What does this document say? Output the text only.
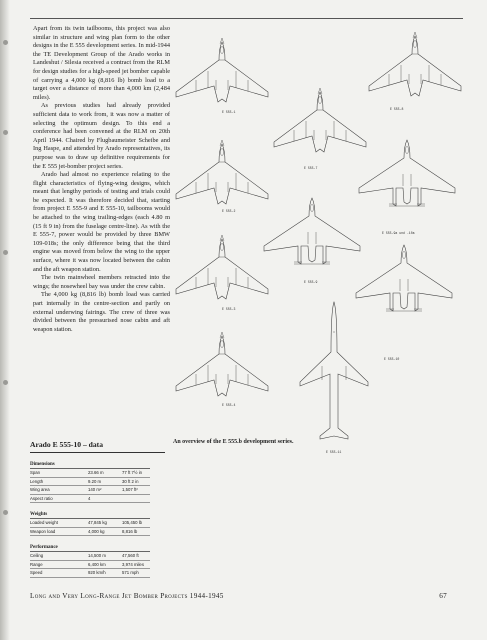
Apart from its twin tailbooms, this project was also similar in structure and wing plan form to the other designs in the E 555 development series. In mid-1944 the TE Development Group of the Arado works in Landeshut / Silesia received a contract from the RLM for design studies for a high-speed jet bomber capable of carrying a 4,000 kg (8,816 lb) bomb load to a target over a distance of more than 4,000 km (2,484 miles).

As previous studies had already provided sufficient data to work from, it was now a matter of selecting the optimum design. To this end a conference had been convened at the RLM on 20th April 1944. Chaired by Flugbaumeister Scheibe and Ing Haspe, and attended by Arado representatives, its purpose was to draw up definitive requirements for the E 555 jet-bomber project series.

Arado had almost no experience relating to the flight characteristics of flying-wing designs, which meant that lengthy periods of testing and trials could be expected. It was therefore decided that, starting from project E 555-9 and E 555-10, tailbooms would be attached to the wing trailing-edges (each 4.80 m (15 ft 9 in) from the fuselage centre-line). As with the E 555-7, power would be provided by three BMW 109-018s; the only difference being that the third engine was moved from below the wing to the upper surface, where it was now located between the cabin and the aft weapon station.

The twin mainwheel members retracted into the wings; the nosewheel bay was under the crew cabin.

The 4,000 kg (8,816 lb) bomb load was carried part internally in the centre-section and partly on external underwing fairings. The crew of three was divided between the pressurised nose cabin and aft weapon station.

E 555-1
E 555-7
E 555-8
E 555-2
E 555-9a und -10a
E 555-9
E 555-3
E 555-10
E 555-4
E 555-11
An overview of the E 555.b development series.
Arado E 555-10 – data
Dimensions
Span	23.66 m	77 ft 7½ in
Length	9.20 m	30 ft 2 in
Wing area	140 m²	1,507 ft²
Aspect ratio	4
Weights
Loaded weight	47,845 kg	105,450 lb
Weapon load	4,000 kg	8,816 lb
Performance
Ceiling	14,500 m	47,560 ft
Range	6,400 km	3,974 miles
Speed	920 km/h	571 mph
Long and Very Long-Range Jet Bomber Projects 1944-1945	67
